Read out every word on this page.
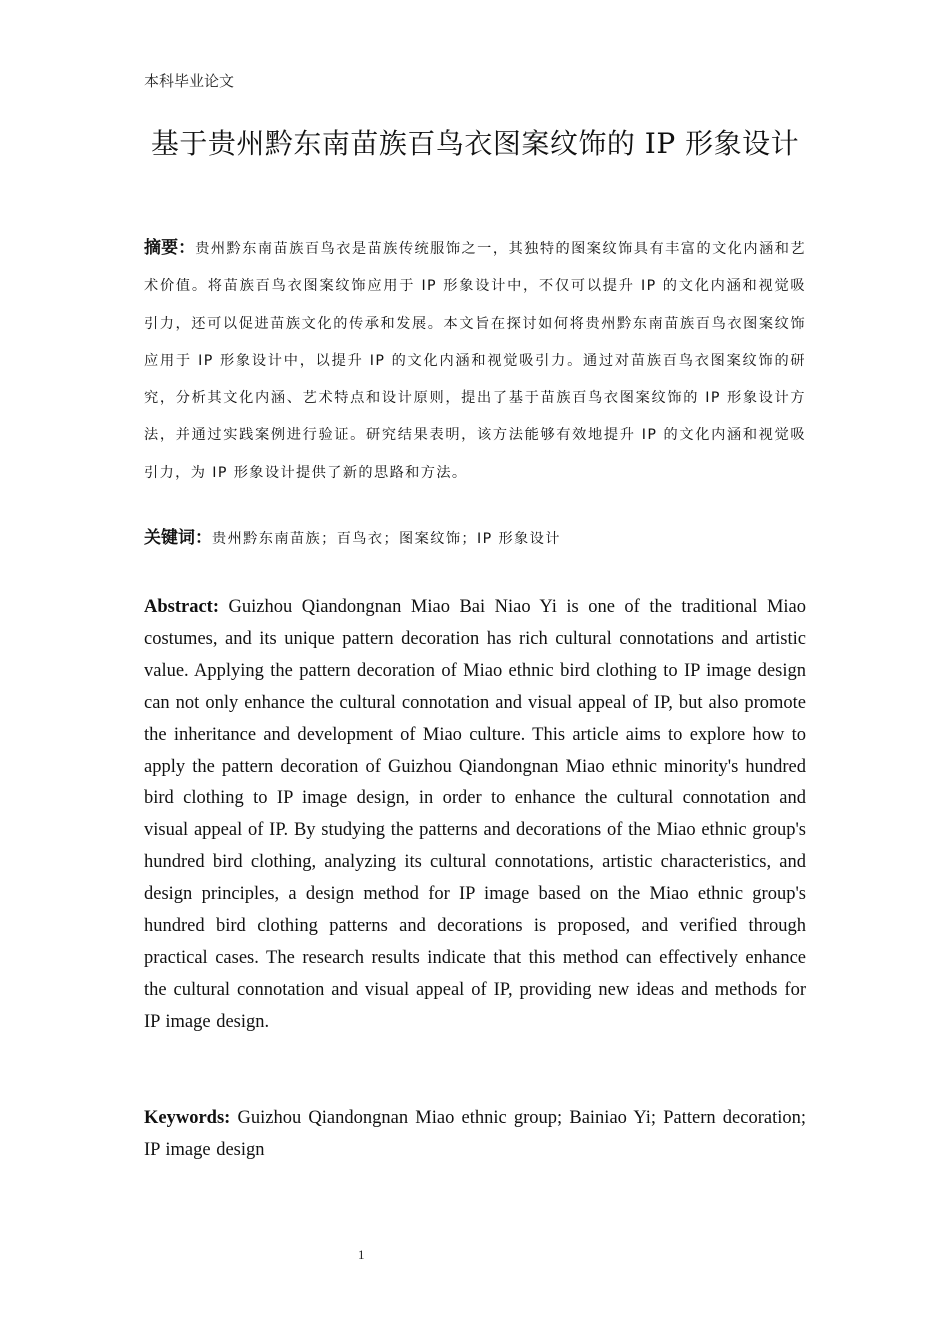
本科毕业论文
基于贵州黔东南苗族百鸟衣图案纹饰的 IP 形象设计

摘要：贵州黔东南苗族百鸟衣是苗族传统服饰之一，其独特的图案纹饰具有丰富的文化内涵和艺术价值。将苗族百鸟衣图案纹饰应用于 IP 形象设计中，不仅可以提升 IP 的文化内涵和视觉吸引力，还可以促进苗族文化的传承和发展。本文旨在探讨如何将贵州黔东南苗族百鸟衣图案纹饰应用于 IP 形象设计中，以提升 IP 的文化内涵和视觉吸引力。通过对苗族百鸟衣图案纹饰的研究，分析其文化内涵、艺术特点和设计原则，提出了基于苗族百鸟衣图案纹饰的 IP 形象设计方法，并通过实践案例进行验证。研究结果表明，该方法能够有效地提升 IP 的文化内涵和视觉吸引力，为 IP 形象设计提供了新的思路和方法。

关键词：贵州黔东南苗族；百鸟衣；图案纹饰；IP 形象设计

Abstract: Guizhou Qiandongnan Miao Bai Niao Yi is one of the traditional Miao costumes, and its unique pattern decoration has rich cultural connotations and artistic value. Applying the pattern decoration of Miao ethnic bird clothing to IP image design can not only enhance the cultural connotation and visual appeal of IP, but also promote the inheritance and development of Miao culture. This article aims to explore how to apply the pattern decoration of Guizhou Qiandongnan Miao ethnic minority's hundred bird clothing to IP image design, in order to enhance the cultural connotation and visual appeal of IP. By studying the patterns and decorations of the Miao ethnic group's hundred bird clothing, analyzing its cultural connotations, artistic characteristics, and design principles, a design method for IP image based on the Miao ethnic group's hundred bird clothing patterns and decorations is proposed, and verified through practical cases. The research results indicate that this method can effectively enhance the cultural connotation and visual appeal of IP, providing new ideas and methods for IP image design.

Keywords: Guizhou Qiandongnan Miao ethnic group; Bainiao Yi; Pattern decoration; IP image design

1
